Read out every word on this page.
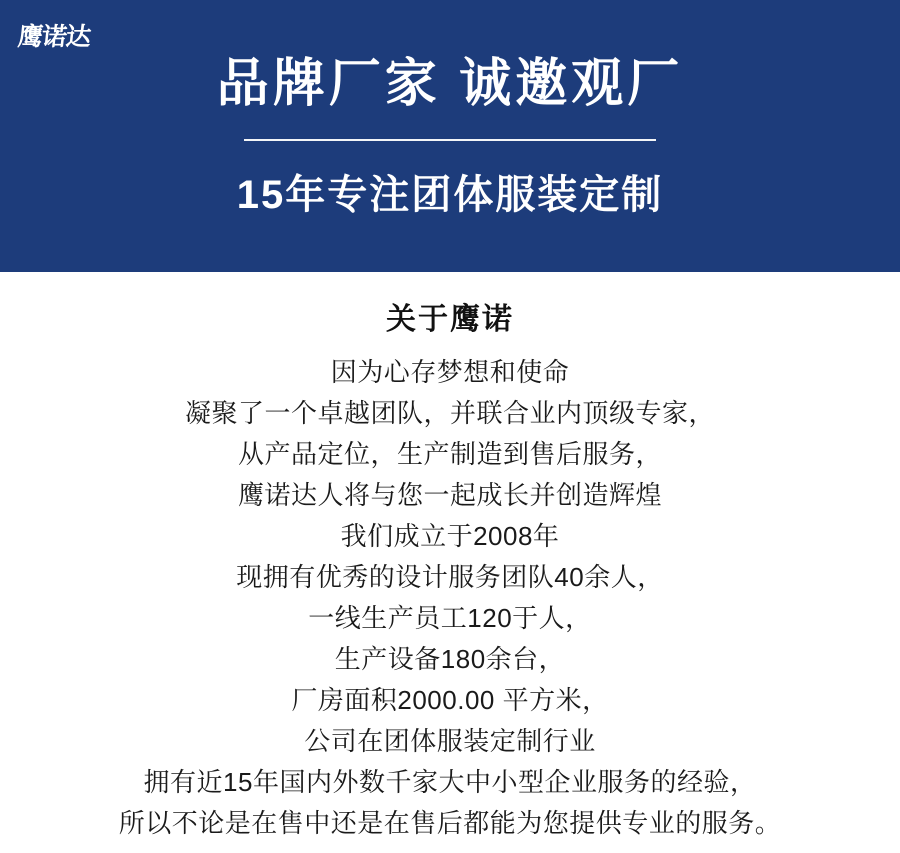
鹰诺达
品牌厂家 诚邀观厂
15年专注团体服装定制
关于鹰诺
因为心存梦想和使命
凝聚了一个卓越团队，并联合业内顶级专家，
从产品定位，生产制造到售后服务，
鹰诺达人将与您一起成长并创造辉煌
我们成立于2008年
现拥有优秀的设计服务团队40余人，
一线生产员工120于人，
生产设备180余台，
厂房面积2000.00 平方米，
公司在团体服装定制行业
拥有近15年国内外数千家大中小型企业服务的经验，
所以不论是在售中还是在售后都能为您提供专业的服务。
